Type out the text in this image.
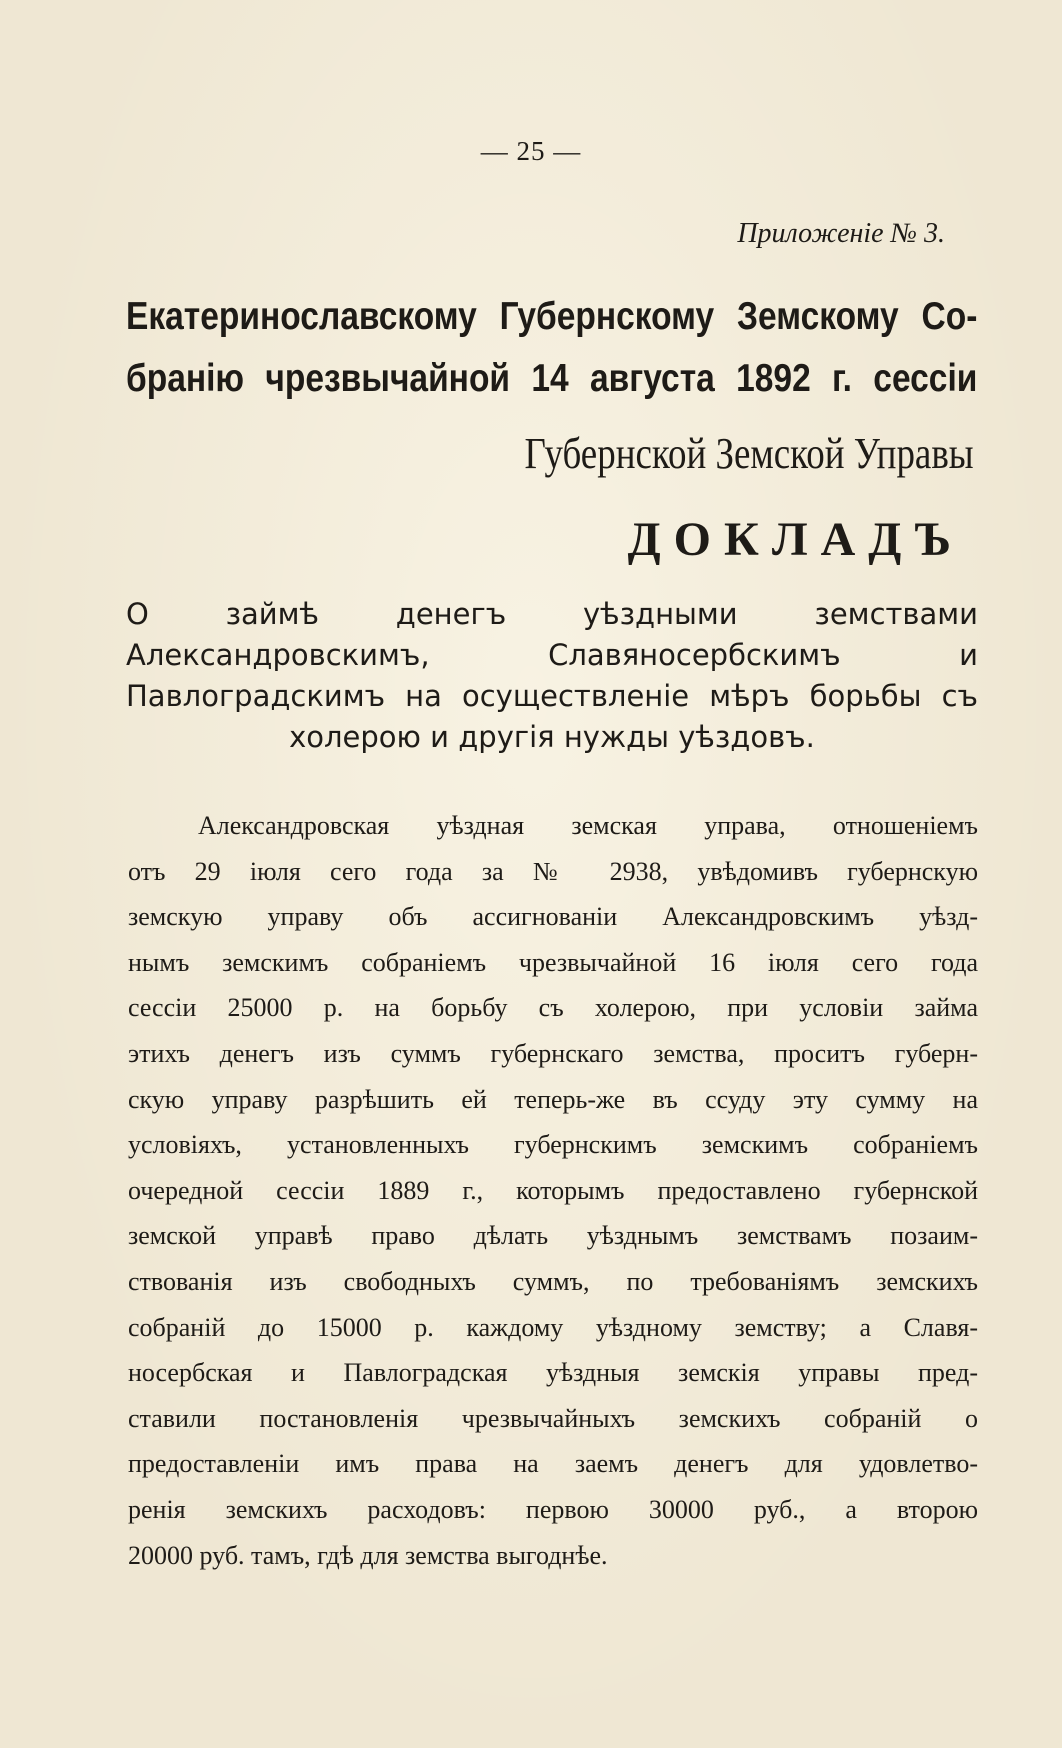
— 25 —
Приложенiе № 3.
Екатеринославскому Губернскому Земскому Со-
бранiю чрезвычайной 14 августа 1892 г. сессiи
Губернской Земской Управы
ДОКЛАДЪ
О займѣ денегъ уѣздными земствами Александровскимъ, Славяносербскимъ и Павлоградскимъ на осуществленiе мѣръ борьбы съ холерою и другiя нужды уѣздовъ.
Александровская уѣздная земская управа, отношенiемъ
отъ 29 iюля сего года за № 2938, увѣдомивъ губернскую
земскую управу объ ассигнованiи Александровскимъ уѣзд-
нымъ земскимъ собранiемъ чрезвычайной 16 iюля сего года
сессiи 25000 р. на борьбу съ холерою, при условiи займа
этихъ денегъ изъ суммъ губернскаго земства, проситъ губерн-
скую управу разрѣшить ей теперь-же въ ссуду эту сумму на
условiяхъ, установленныхъ губернскимъ земскимъ собранiемъ
очередной сессiи 1889 г., которымъ предоставлено губернской
земской управѣ право дѣлать уѣзднымъ земствамъ позаим-
ствованiя изъ свободныхъ суммъ, по требованiямъ земскихъ
собранiй до 15000 р. каждому уѣздному земству; а Славя-
носербская и Павлоградская уѣздныя земскiя управы пред-
ставили постановленiя чрезвычайныхъ земскихъ собранiй о
предоставленiи имъ права на заемъ денегъ для удовлетво-
ренiя земскихъ расходовъ: первою 30000 руб., а второю
20000 руб. тамъ, гдѣ для земства выгоднѣе.
